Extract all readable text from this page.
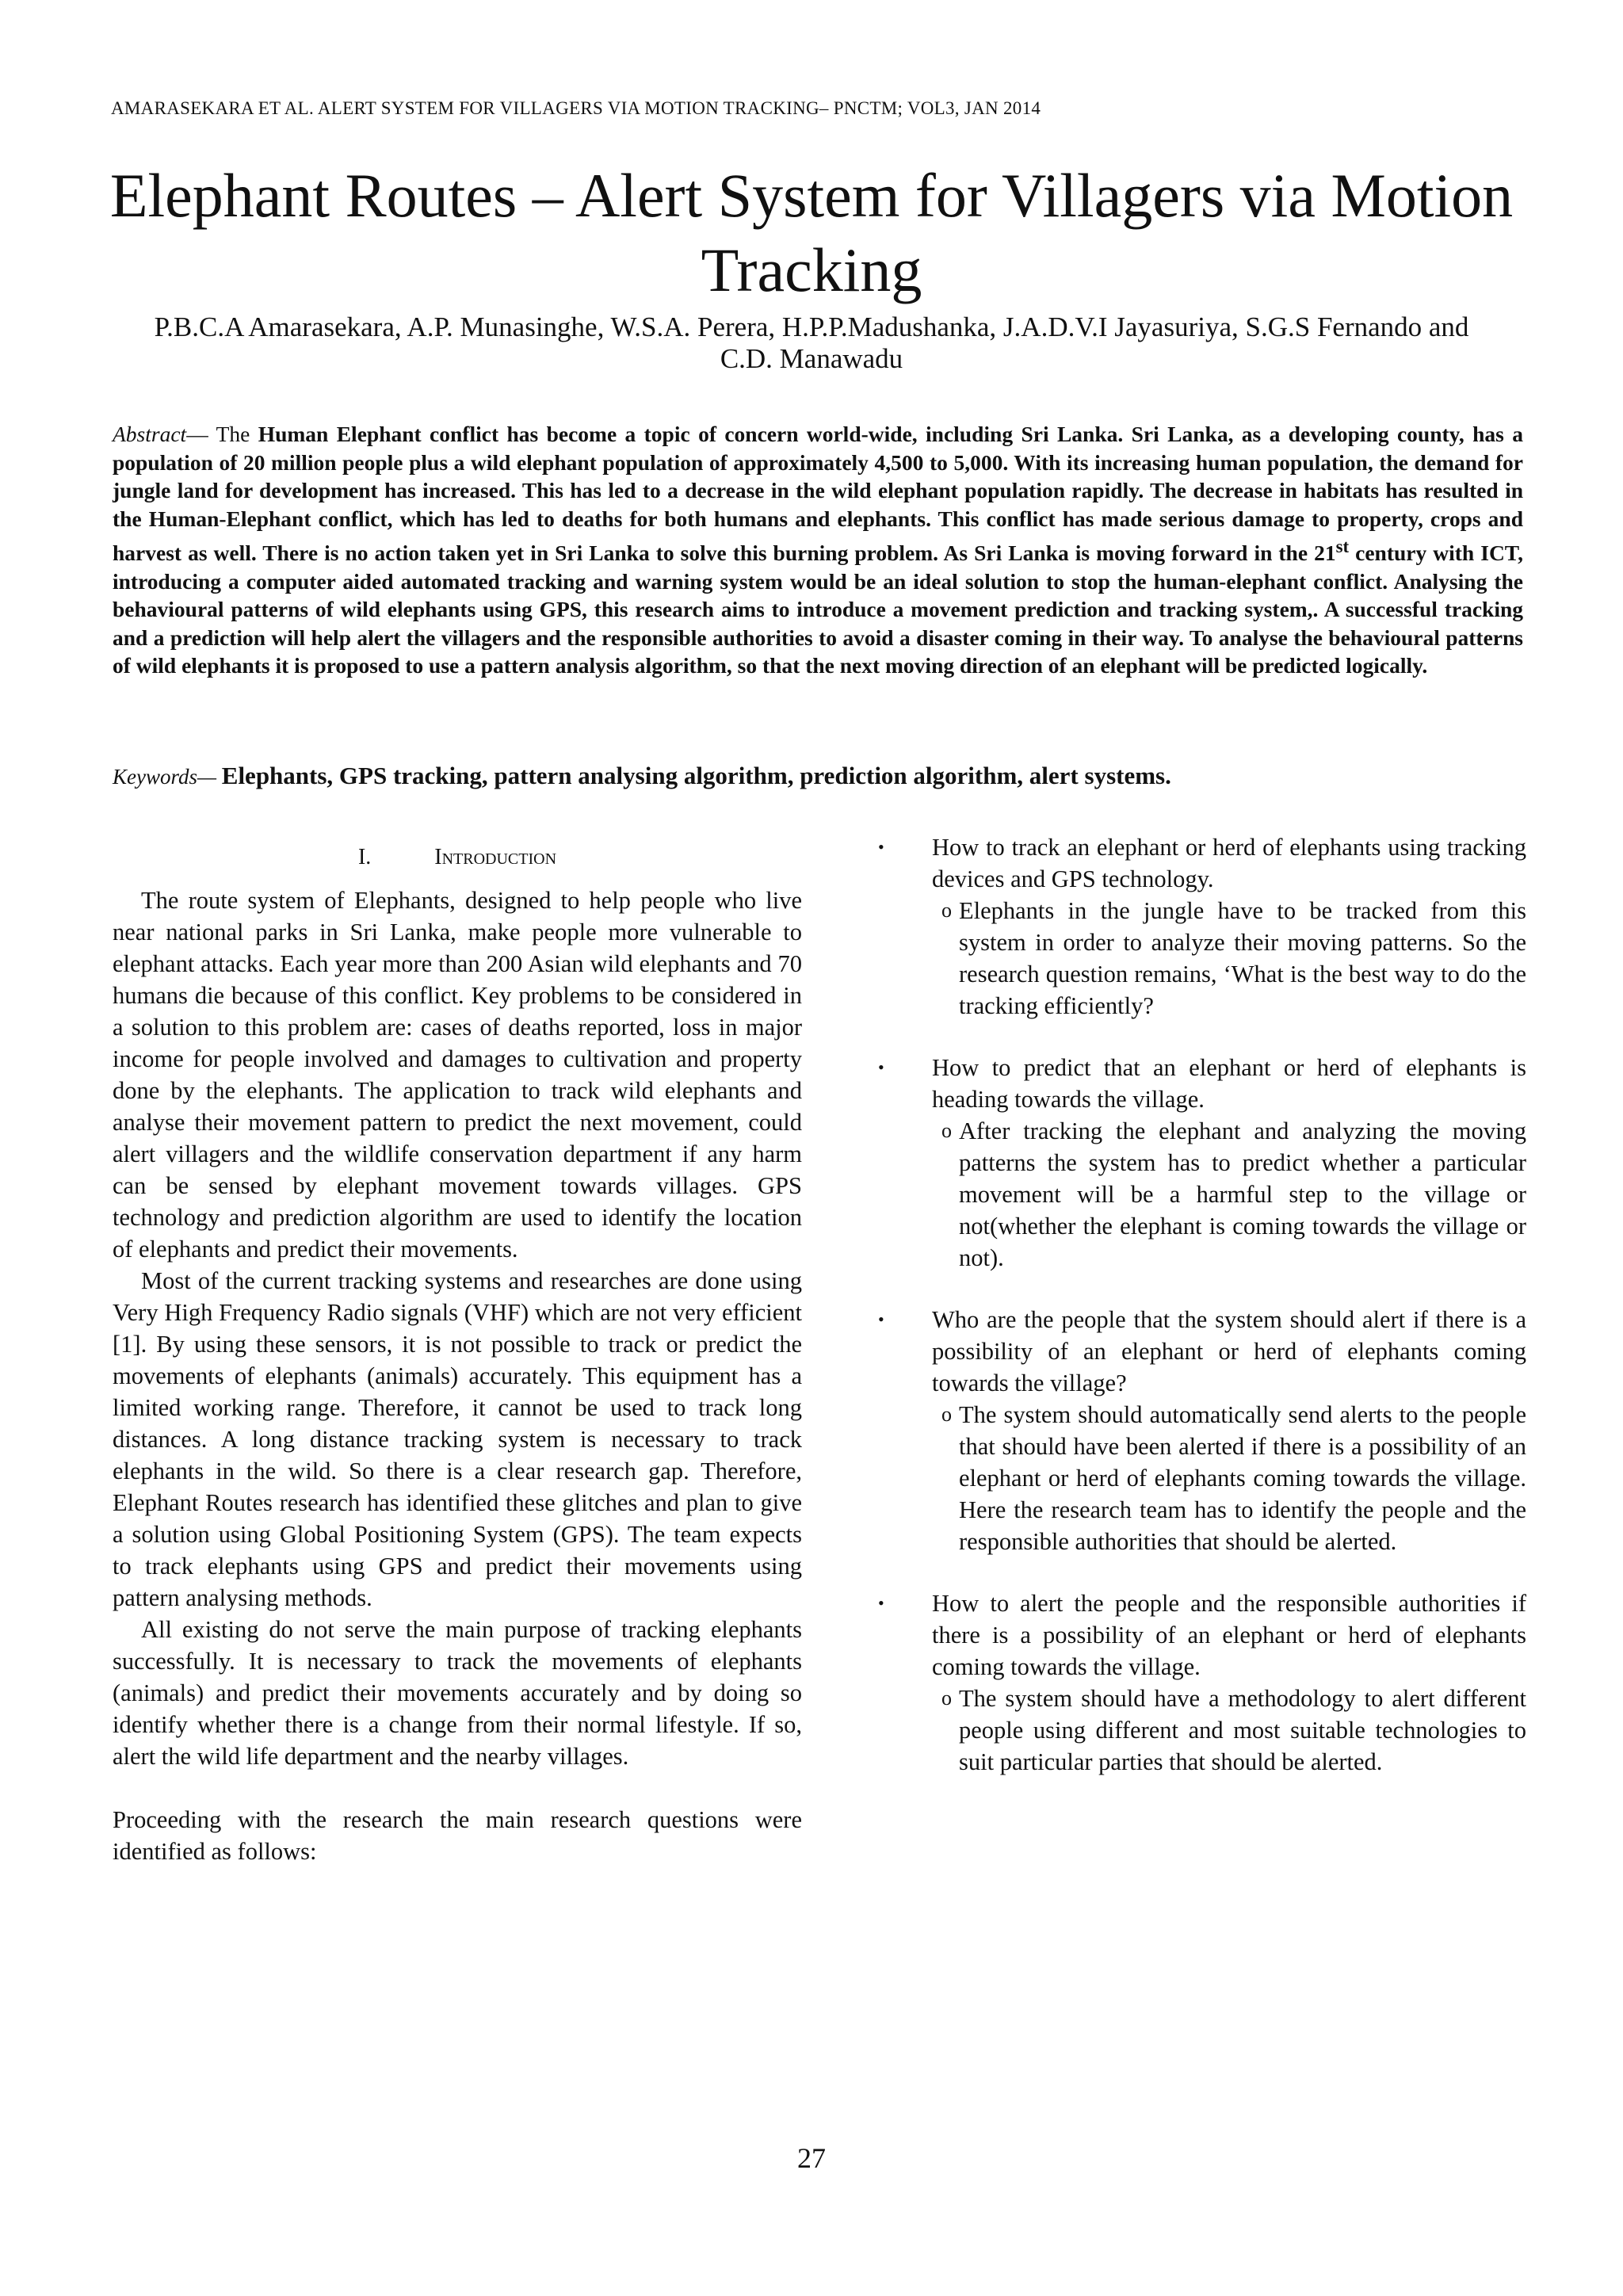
AMARASEKARA ET AL. ALERT SYSTEM FOR VILLAGERS VIA MOTION TRACKING– PNCTM; VOL3, JAN 2014
Elephant Routes – Alert System for Villagers via Motion Tracking
P.B.C.A Amarasekara, A.P. Munasinghe, W.S.A. Perera, H.P.P.Madushanka, J.A.D.V.I Jayasuriya, S.G.S Fernando and C.D. Manawadu
Abstract— The Human Elephant conflict has become a topic of concern world-wide, including Sri Lanka. Sri Lanka, as a developing county, has a population of 20 million people plus a wild elephant population of approximately 4,500 to 5,000. With its increasing human population, the demand for jungle land for development has increased. This has led to a decrease in the wild elephant population rapidly. The decrease in habitats has resulted in the Human-Elephant conflict, which has led to deaths for both humans and elephants. This conflict has made serious damage to property, crops and harvest as well. There is no action taken yet in Sri Lanka to solve this burning problem. As Sri Lanka is moving forward in the 21st century with ICT, introducing a computer aided automated tracking and warning system would be an ideal solution to stop the human-elephant conflict. Analysing the behavioural patterns of wild elephants using GPS, this research aims to introduce a movement prediction and tracking system,. A successful tracking and a prediction will help alert the villagers and the responsible authorities to avoid a disaster coming in their way. To analyse the behavioural patterns of wild elephants it is proposed to use a pattern analysis algorithm, so that the next moving direction of an elephant will be predicted logically.
Keywords— Elephants, GPS tracking, pattern analysing algorithm, prediction algorithm, alert systems.
I.	Introduction

The route system of Elephants, designed to help people who live near national parks in Sri Lanka, make people more vulnerable to elephant attacks. Each year more than 200 Asian wild elephants and 70 humans die because of this conflict. Key problems to be considered in a solution to this problem are: cases of deaths reported, loss in major income for people involved and damages to cultivation and property done by the elephants. The application to track wild elephants and analyse their movement pattern to predict the next movement, could alert villagers and the wildlife conservation department if any harm can be sensed by elephant movement towards villages. GPS technology and prediction algorithm are used to identify the location of elephants and predict their movements.

Most of the current tracking systems and researches are done using Very High Frequency Radio signals (VHF) which are not very efficient [1]. By using these sensors, it is not possible to track or predict the movements of elephants (animals) accurately. This equipment has a limited working range. Therefore, it cannot be used to track long distances. A long distance tracking system is necessary to track elephants in the wild. So there is a clear research gap. Therefore, Elephant Routes research has identified these glitches and plan to give a solution using Global Positioning System (GPS). The team expects to track elephants using GPS and predict their movements using pattern analysing methods.

All existing do not serve the main purpose of tracking elephants successfully. It is necessary to track the movements of elephants (animals) and predict their movements accurately and by doing so identify whether there is a change from their normal lifestyle. If so, alert the wild life department and the nearby villages.

Proceeding with the research the main research questions were identified as follows:

• How to track an elephant or herd of elephants using tracking devices and GPS technology.
o Elephants in the jungle have to be tracked from this system in order to analyze their moving patterns. So the research question remains, ‘What is the best way to do the tracking efficiently?
• How to predict that an elephant or herd of elephants is heading towards the village.
o After tracking the elephant and analyzing the moving patterns the system has to predict whether a particular movement will be a harmful step to the village or not(whether the elephant is coming towards the village or not).
• Who are the people that the system should alert if there is a possibility of an elephant or herd of elephants coming towards the village?
o The system should automatically send alerts to the people that should have been alerted if there is a possibility of an elephant or herd of elephants coming towards the village. Here the research team has to identify the people and the responsible authorities that should be alerted.
• How to alert the people and the responsible authorities if there is a possibility of an elephant or herd of elephants coming towards the village.
o The system should have a methodology to alert different people using different and most suitable technologies to suit particular parties that should be alerted.
27
